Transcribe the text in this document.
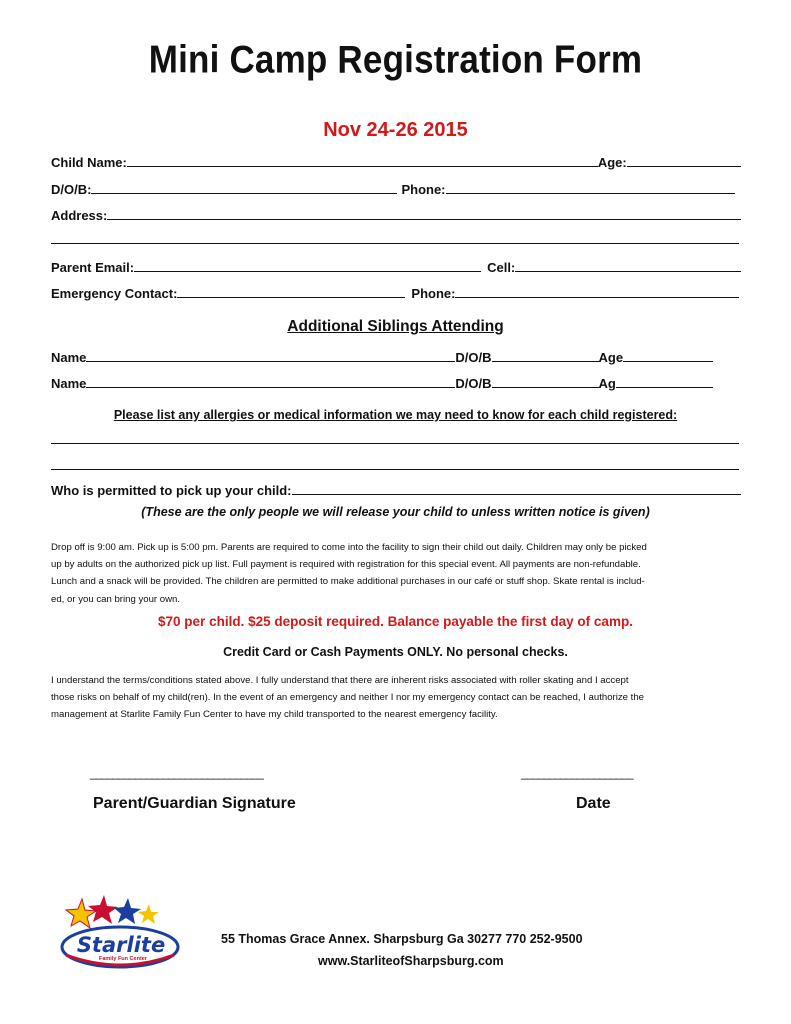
Mini Camp Registration Form
Nov 24-26 2015
Child Name:	Age:
D/O/B:	Phone:
Address:
Parent Email:	Cell:
Emergency Contact:	Phone:
Additional Siblings Attending
Name	D/O/B	Age
Name	D/O/B	Ag
Please list any allergies or medical information we may need to know for each child registered:
Who is permitted to pick up your child:
(These are the only people we will release your child to unless written notice is given)
Drop off is 9:00 am. Pick up is 5:00 pm. Parents are required to come into the facility to sign their child out daily. Children may only be picked
up by adults on the authorized pick up list. Full payment is required with registration for this special event. All payments are non-refundable.
Lunch and a snack will be provided. The children are permitted to make additional purchases in our café or stuff shop. Skate rental is includ-
ed, or you can bring your own.
$70 per child. $25 deposit required. Balance payable the first day of camp.
Credit Card or Cash Payments ONLY. No personal checks.
I understand the terms/conditions stated above. I fully understand that there are inherent risks associated with roller skating and I accept
those risks on behalf of my child(ren). In the event of an emergency and neither I nor my emergency contact can be reached, I authorize the
management at Starlite Family Fun Center to have my child transported to the nearest emergency facility.
_______________________________
Parent/Guardian Signature
____________________
Date
Starlite
Family Fun Center
55 Thomas Grace Annex. Sharpsburg Ga 30277 770 252-9500
www.StarliteofSharpsburg.com
